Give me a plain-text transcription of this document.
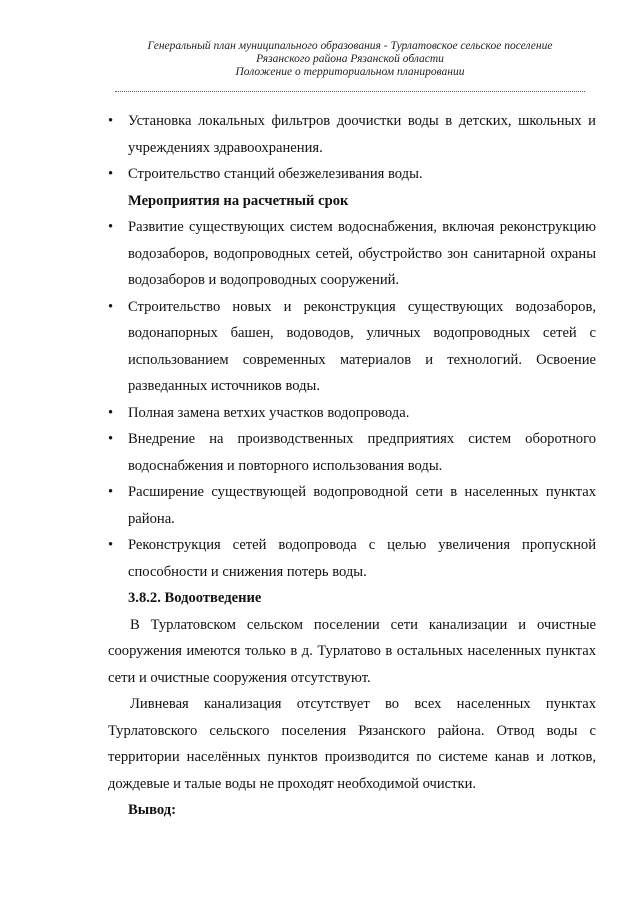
Генеральный план муниципального образования - Турлатовское сельское поселение
Рязанского района Рязанской области
Положение о территориальном планировании
•	Установка локальных фильтров доочистки воды в детских, школьных и учреждениях здравоохранения.
•	Строительство станций обезжелезивания воды.
Мероприятия на расчетный срок
•	Развитие существующих систем водоснабжения, включая реконструкцию водозаборов, водопроводных сетей, обустройство зон санитарной охраны водозаборов и водопроводных сооружений.
•	Строительство новых и реконструкция существующих водозаборов, водонапорных башен, водоводов, уличных водопроводных сетей с использованием современных материалов и технологий. Освоение разведанных источников воды.
•	Полная замена ветхих участков водопровода.
•	Внедрение на производственных предприятиях систем оборотного водоснабжения и повторного использования воды.
•	Расширение существующей водопроводной сети в населенных пунктах района.
•	Реконструкция сетей водопровода с целью увеличения пропускной способности и снижения потерь воды.
3.8.2. Водоотведение
В Турлатовском сельском поселении сети канализации и очистные сооружения имеются только в д. Турлатово в остальных населенных пунктах сети и очистные сооружения отсутствуют.
Ливневая канализация отсутствует во всех населенных пунктах Турлатовского сельского поселения Рязанского района. Отвод воды с территории населённых пунктов производится по системе канав и лотков, дождевые и талые воды не проходят необходимой очистки.
Вывод:
